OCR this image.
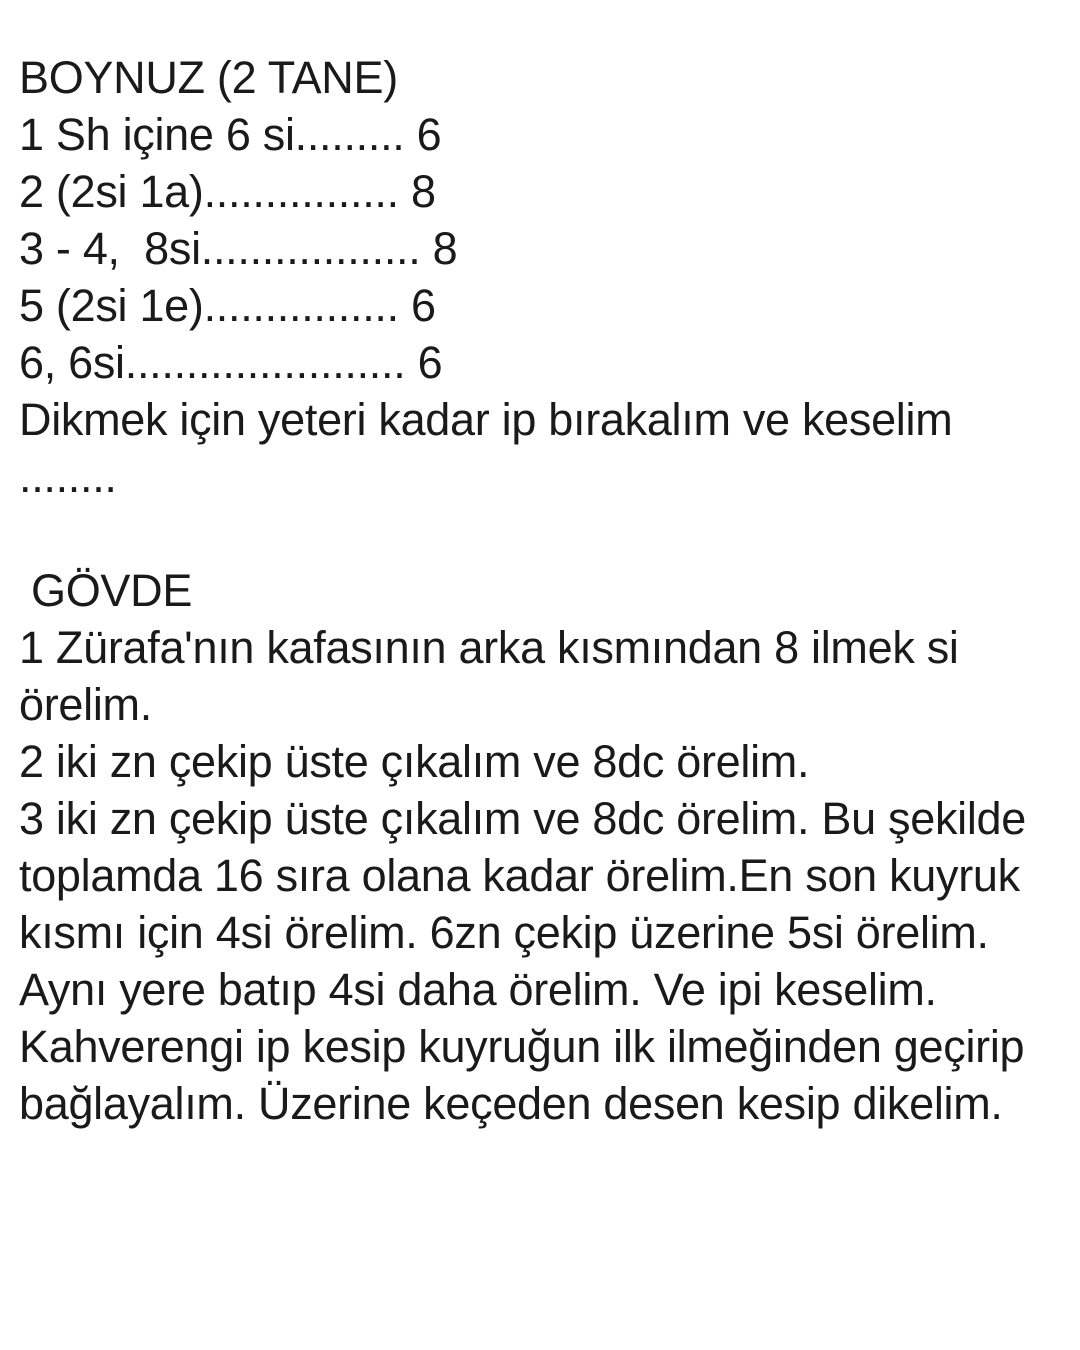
BOYNUZ (2 TANE)
1 Sh içine 6 si......... 6
2 (2si 1a)................ 8
3 - 4,  8si.................. 8
5 (2si 1e)................ 6
6, 6si....................... 6
Dikmek için yeteri kadar ip bırakalım ve keselim
........
GÖVDE
1 Zürafa'nın kafasının arka kısmından 8 ilmek si örelim.
2 iki zn çekip üste çıkalım ve 8dc örelim.
3 iki zn çekip üste çıkalım ve 8dc örelim. Bu şekilde toplamda 16 sıra olana kadar örelim.En son kuyruk kısmı için 4si örelim. 6zn çekip üzerine 5si örelim. Aynı yere batıp 4si daha örelim. Ve ipi keselim. Kahverengi ip kesip kuyruğun ilk ilmeğinden geçirip bağlayalım. Üzerine keçeden desen kesip dikelim.
